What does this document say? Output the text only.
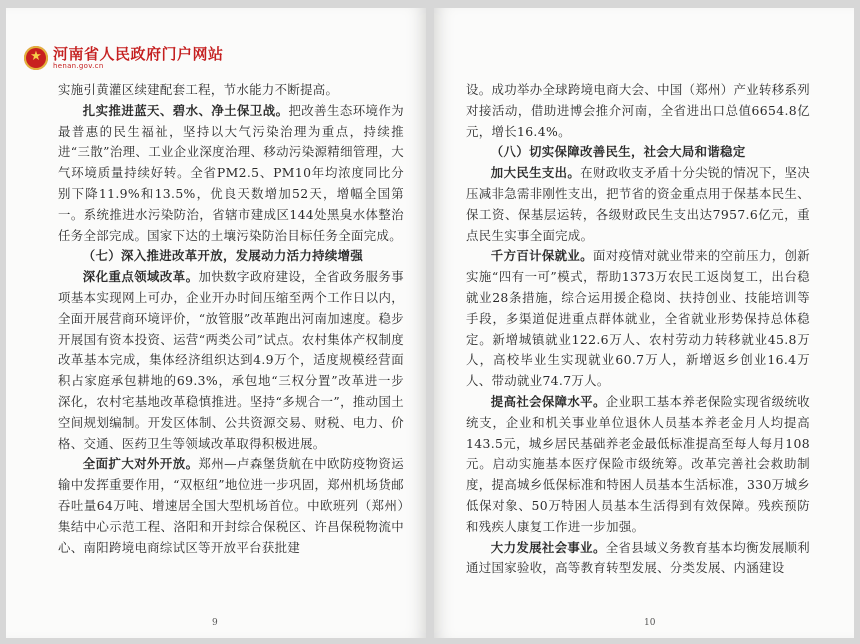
★
河南省人民政府门户网站
henan.gov.cn

实施引黄灌区续建配套工程，节水能力不断提高。

扎实推进蓝天、碧水、净土保卫战。把改善生态环境作为最普惠的民生福祉，坚持以大气污染治理为重点，持续推进“三散”治理、工业企业深度治理、移动污染源精细管理，大气环境质量持续好转。全省PM2.5、PM10年均浓度同比分别下降11.9%和13.5%，优良天数增加52天，增幅全国第一。系统推进水污染防治，省辖市建成区144处黑臭水体整治任务全部完成。国家下达的土壤污染防治目标任务全面完成。

（七）深入推进改革开放，发展动力活力持续增强

深化重点领域改革。加快数字政府建设，全省政务服务事项基本实现网上可办，企业开办时间压缩至两个工作日以内，全面开展营商环境评价，“放管服”改革跑出河南加速度。稳步开展国有资本投资、运营“两类公司”试点。农村集体产权制度改革基本完成，集体经济组织达到4.9万个，适度规模经营面积占家庭承包耕地的69.3%，承包地“三权分置”改革进一步深化，农村宅基地改革稳慎推进。坚持“多规合一”，推动国土空间规划编制。开发区体制、公共资源交易、财税、电力、价格、交通、医药卫生等领域改革取得积极进展。

全面扩大对外开放。郑州—卢森堡货航在中欧防疫物资运输中发挥重要作用，“双枢纽”地位进一步巩固，郑州机场货邮吞吐量64万吨、增速居全国大型机场首位。中欧班列（郑州）集结中心示范工程、洛阳和开封综合保税区、许昌保税物流中心、南阳跨境电商综试区等开放平台获批建

9

设。成功举办全球跨境电商大会、中国（郑州）产业转移系列对接活动，借助进博会推介河南，全省进出口总值6654.8亿元，增长16.4%。

（八）切实保障改善民生，社会大局和谐稳定

加大民生支出。在财政收支矛盾十分尖锐的情况下，坚决压减非急需非刚性支出，把节省的资金重点用于保基本民生、保工资、保基层运转，各级财政民生支出达7957.6亿元，重点民生实事全面完成。

千方百计保就业。面对疫情对就业带来的空前压力，创新实施“四有一可”模式，帮助1373万农民工返岗复工，出台稳就业28条措施，综合运用援企稳岗、扶持创业、技能培训等手段，多渠道促进重点群体就业，全省就业形势保持总体稳定。新增城镇就业122.6万人、农村劳动力转移就业45.8万人，高校毕业生实现就业60.7万人，新增返乡创业16.4万人、带动就业74.7万人。

提高社会保障水平。企业职工基本养老保险实现省级统收统支，企业和机关事业单位退休人员基本养老金月人均提高143.5元，城乡居民基础养老金最低标准提高至每人每月108元。启动实施基本医疗保险市级统筹。改革完善社会救助制度，提高城乡低保标准和特困人员基本生活标准，330万城乡低保对象、50万特困人员基本生活得到有效保障。残疾预防和残疾人康复工作进一步加强。

大力发展社会事业。全省县域义务教育基本均衡发展顺利通过国家验收，高等教育转型发展、分类发展、内涵建设

10
